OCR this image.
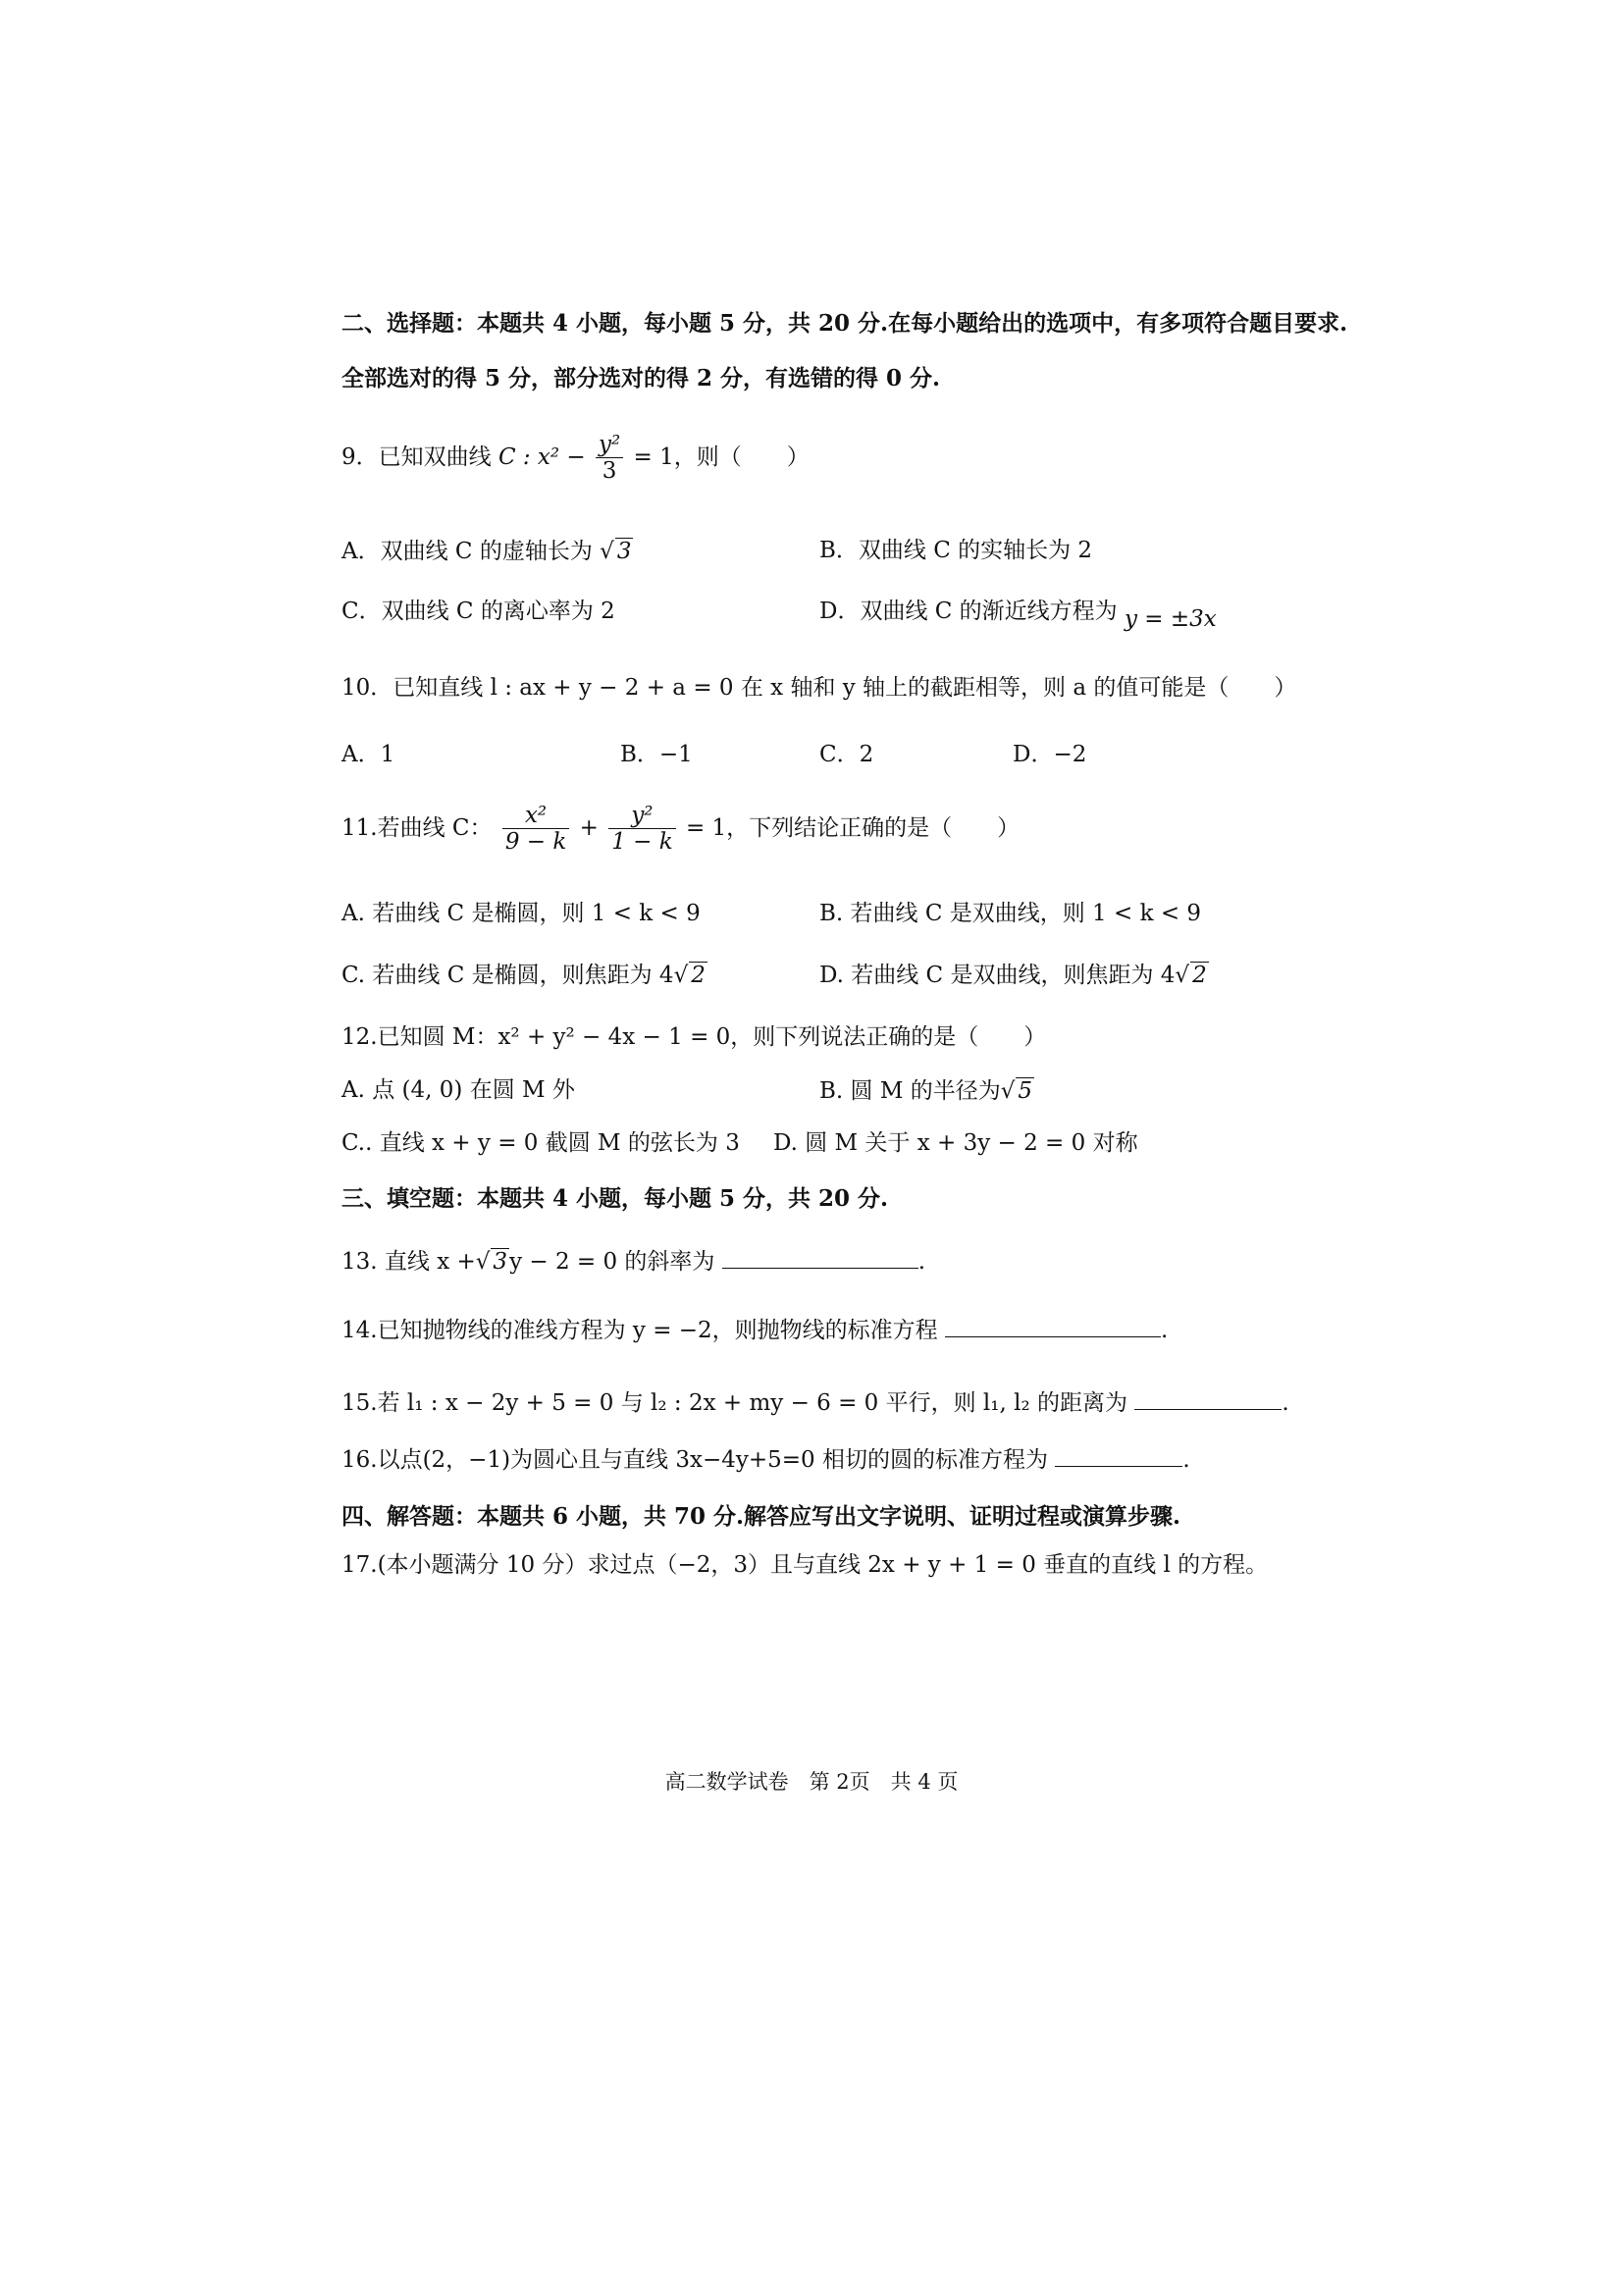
二、选择题：本题共 4 小题，每小题 5 分，共 20 分.在每小题给出的选项中，有多项符合题目要求.
全部选对的得 5 分，部分选对的得 2 分，有选错的得 0 分.
9．已知双曲线 C : $x^2 - \frac{\text{y²}}{3} = 1$，则（　　）
A．双曲线 C 的虚轴长为 √ 3	B．双曲线 C 的实轴长为 2
C．双曲线 C 的离心率为 2	D．双曲线 C 的渐近线方程为 y = ±3x
10．已知直线 l : ax + y − 2 + a = 0 在 x 轴和 y 轴上的截距相等，则 a 的值可能是（　　）
A．1	B．−1	C．2	D．−2
11.若曲线 C： $\frac{\text{x²}}{9 - k} + \frac{\text{y²}}{1 - k} = 1$，下列结论正确的是（　　）
A. 若曲线 C 是椭圆，则 1 < k < 9	B. 若曲线 C 是双曲线，则 1 < k < 9
C. 若曲线 C 是椭圆，则焦距为 4√ 2	D. 若曲线 C 是双曲线，则焦距为 4√ 2
12.已知圆 M：x² + y² − 4x − 1 = 0，则下列说法正确的是（　　）
A. 点 (4, 0) 在圆 M 外	B. 圆 M 的半径为√ 5
C.. 直线 x + y = 0 截圆 M 的弦长为 3 D. 圆 M 关于 x + 3y − 2 = 0 对称
三、填空题：本题共 4 小题，每小题 5 分，共 20 分.
13. 直线 x +√ 3y − 2 = 0 的斜率为	.
14.已知抛物线的准线方程为 y = −2，则抛物线的标准方程	.
15.若 l₁ : x − 2y + 5 = 0 与 l₂ : 2x + my − 6 = 0 平行，则 l₁, l₂ 的距离为	.
16.以点(2，−1)为圆心且与直线 3x−4y+5=0 相切的圆的标准方程为	.
四、解答题：本题共 6 小题，共 70 分.解答应写出文字说明、证明过程或演算步骤.
17.(本小题满分 10 分）求过点（−2，3）且与直线 2x + y + 1 = 0 垂直的直线 l 的方程。
高二数学试卷　第 2页　共 4 页
